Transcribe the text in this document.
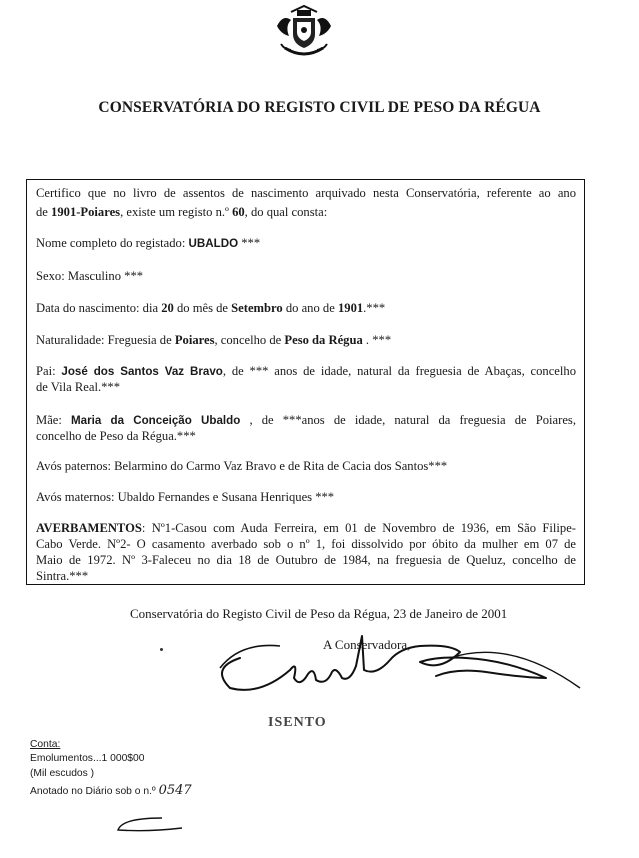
CONSERVATÓRIA DO REGISTO CIVIL DE PESO DA RÉGUA
Certifico que no livro de assentos de nascimento arquivado nesta Conservatória, referente ao ano
de 1901-Poiares, existe um registo n.º 60, do qual consta:
Nome completo do registado: UBALDO ***
Sexo: Masculino ***
Data do nascimento: dia 20 do mês de Setembro do ano de 1901.***
Naturalidade: Freguesia de Poiares, concelho de Peso da Régua . ***
Pai: José dos Santos Vaz Bravo, de *** anos de idade, natural da freguesia de Abaças, concelho
de Vila Real.***
Mãe: Maria da Conceição Ubaldo , de ***anos de idade, natural da freguesia de Poiares,
concelho de Peso da Régua.***
Avós paternos: Belarmino do Carmo Vaz Bravo e de Rita de Cacia dos Santos***
Avós maternos: Ubaldo Fernandes e Susana Henriques ***
AVERBAMENTOS: Nº1-Casou com Auda Ferreira, em 01 de Novembro de 1936, em São Filipe-
Cabo Verde. Nº2- O casamento averbado sob o nº 1, foi dissolvido por óbito da mulher em 07 de
Maio de 1972. Nº 3-Faleceu no dia 18 de Outubro de 1984, na freguesia de Queluz, concelho de
Sintra.***
Conservatória do Registo Civil de Peso da Régua, 23 de Janeiro de 2001
A Conservadora,
ISENTO
Conta:
Emolumentos...1 000$00
(Mil escudos )
Anotado no Diário sob o n.º 0547
